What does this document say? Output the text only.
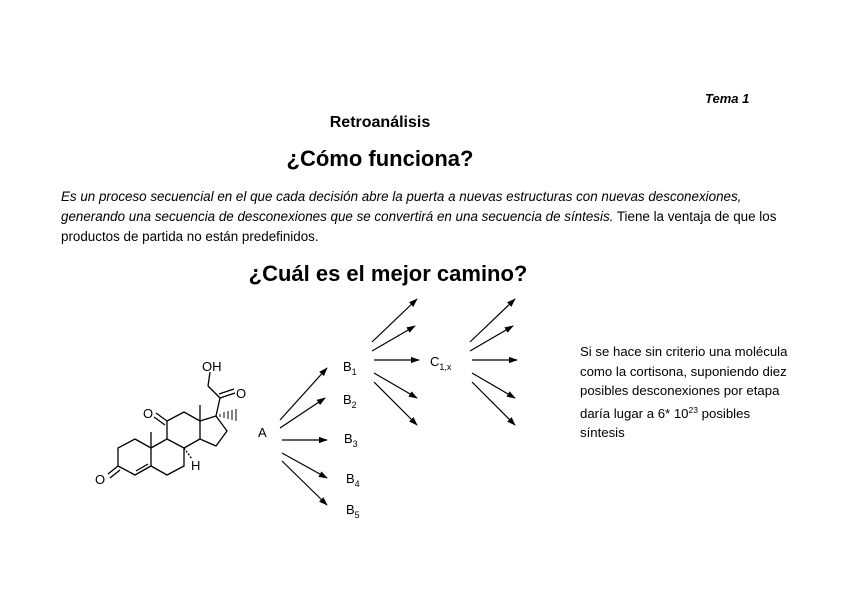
Tema 1
Retroanálisis
¿Cómo funciona?
Es un proceso secuencial en el que cada decisión abre la puerta a nuevas estructuras con nuevas desconexiones, generando una secuencia de desconexiones que se convertirá en una secuencia de síntesis. Tiene la ventaja de que los productos de partida no están predefinidos.
¿Cuál es el mejor camino?
OH
O
O
O
H
A
$B_1$
$B_2$
$B_3$
$B_4$
$B_5$
$C_{1,x}$
Si se hace sin criterio una molécula como la cortisona, suponiendo diez posibles desconexiones por etapa daría lugar a 6* $10^{23}$ posibles síntesis
